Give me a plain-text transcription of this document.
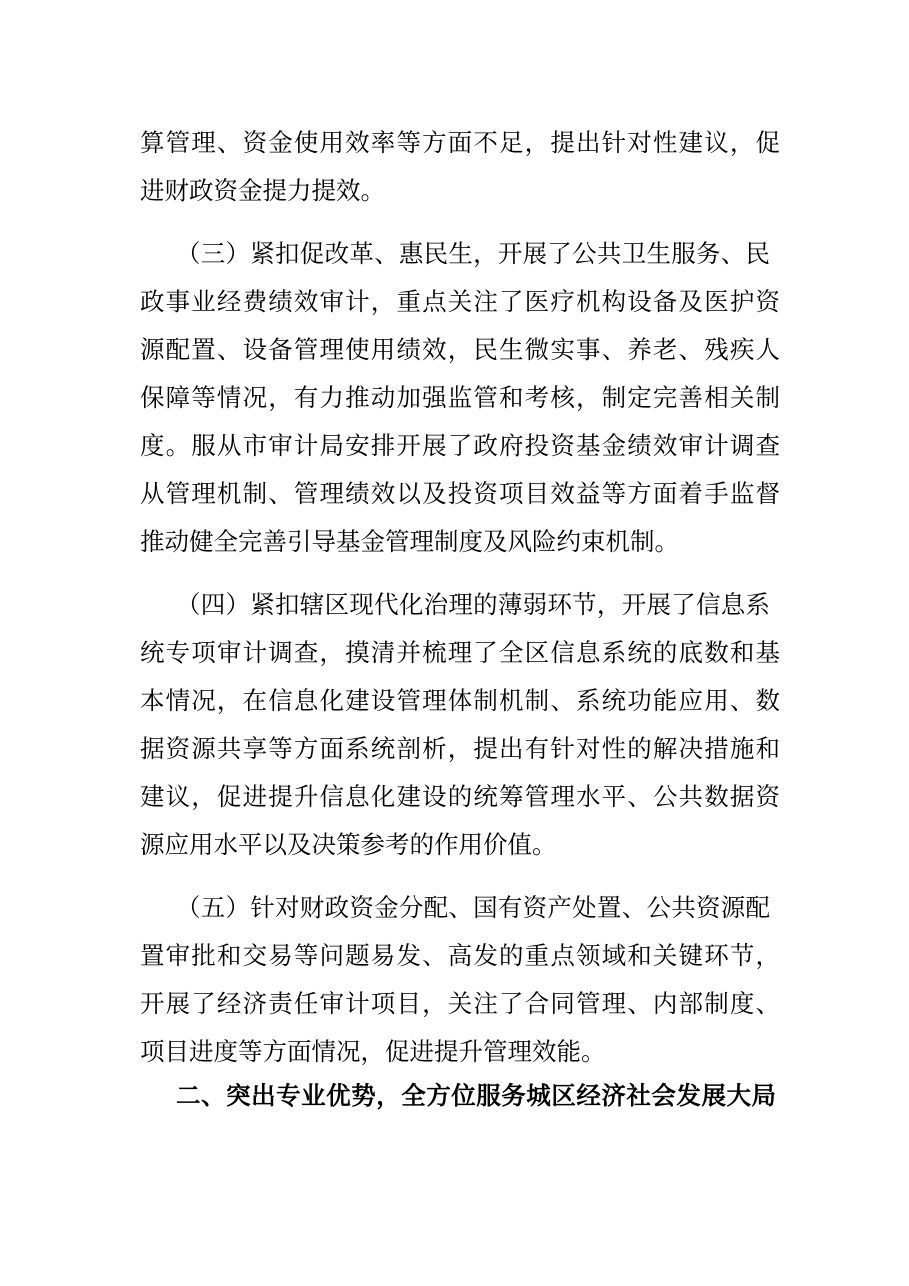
算管理、资金使用效率等方面不足，提出针对性建议，促
进财政资金提力提效。
（三）紧扣促改革、惠民生，开展了公共卫生服务、民
政事业经费绩效审计，重点关注了医疗机构设备及医护资
源配置、设备管理使用绩效，民生微实事、养老、残疾人
保障等情况，有力推动加强监管和考核，制定完善相关制
度。服从市审计局安排开展了政府投资基金绩效审计调查
从管理机制、管理绩效以及投资项目效益等方面着手监督
推动健全完善引导基金管理制度及风险约束机制。
（四）紧扣辖区现代化治理的薄弱环节，开展了信息系
统专项审计调查，摸清并梳理了全区信息系统的底数和基
本情况，在信息化建设管理体制机制、系统功能应用、数
据资源共享等方面系统剖析，提出有针对性的解决措施和
建议，促进提升信息化建设的统筹管理水平、公共数据资
源应用水平以及决策参考的作用价值。
（五）针对财政资金分配、国有资产处置、公共资源配
置审批和交易等问题易发、高发的重点领域和关键环节，
开展了经济责任审计项目，关注了合同管理、内部制度、
项目进度等方面情况，促进提升管理效能。
二、突出专业优势，全方位服务城区经济社会发展大局
